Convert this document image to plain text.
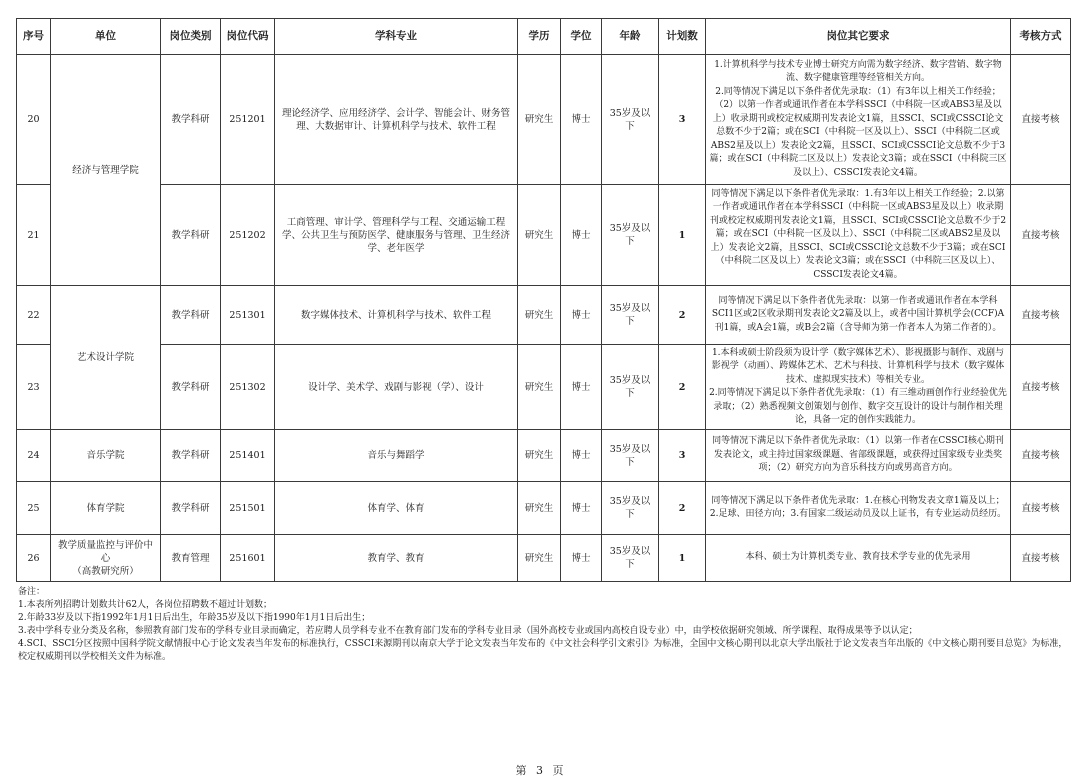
序号	单位	岗位类别	岗位代码	学科专业	学历	学位	年龄	计划数	岗位其它要求	考核方式
20	经济与管理学院	教学科研	251201	理论经济学、应用经济学、会计学、智能会计、财务管理、大数据审计、计算机科学与技术、软件工程	研究生	博士	35岁及以下	3	1.计算机科学与技术专业博士研究方向需为数字经济、数字营销、数字物流、数字健康管理等经管相关方向。
2.同等情况下满足以下条件者优先录取：（1）有3年以上相关工作经验；（2）以第一作者或通讯作者在本学科SSCI（中科院一区或ABS3星及以上）收录期刊或校定权威期刊发表论文1篇，且SSCI、SCI或CSSCI论文总数不少于2篇；或在SCI（中科院一区及以上）、SSCI（中科院二区或ABS2星及以上）发表论文2篇，且SSCI、SCI或CSSCI论文总数不少于3篇；或在SCI（中科院二区及以上）发表论文3篇；或在SSCI（中科院三区及以上）、CSSCI发表论文4篇。	直接考核
21		教学科研	251202	工商管理、审计学、管理科学与工程、交通运输工程学、公共卫生与预防医学、健康服务与管理、卫生经济学、老年医学	研究生	博士	35岁及以下	1	同等情况下满足以下条件者优先录取：1.有3年以上相关工作经验；2.以第一作者或通讯作者在本学科SSCI（中科院一区或ABS3星及以上）收录期刊或校定权威期刊发表论文1篇，且SSCI、SCI或CSSCI论文总数不少于2篇；或在SCI（中科院一区及以上）、SSCI（中科院二区或ABS2星及以上）发表论文2篇，且SSCI、SCI或CSSCI论文总数不少于3篇；或在SCI（中科院二区及以上）发表论文3篇；或在SSCI（中科院三区及以上）、CSSCI发表论文4篇。	直接考核
22	艺术设计学院	教学科研	251301	数字媒体技术、计算机科学与技术、软件工程	研究生	博士	35岁及以下	2	同等情况下满足以下条件者优先录取：以第一作者或通讯作者在本学科SCI1区或2区收录期刊发表论文2篇及以上，或者中国计算机学会(CCF)A刊1篇，或A会1篇，或B会2篇（含导师为第一作者本人为第二作者的）。	直接考核
23		教学科研	251302	设计学、美术学、戏剧与影视（学）、设计	研究生	博士	35岁及以下	2	1.本科或硕士阶段须为设计学（数字媒体艺术）、影视摄影与制作、戏剧与影视学（动画）、跨媒体艺术、艺术与科技、计算机科学与技术（数字媒体技术、虚拟现实技术）等相关专业。
2.同等情况下满足以下条件者优先录取：（1）有三维动画创作行业经验优先录取；（2）熟悉视频文创策划与创作、数字交互设计的设计与制作相关理论，具备一定的创作实践能力。	直接考核
24	音乐学院	教学科研	251401	音乐与舞蹈学	研究生	博士	35岁及以下	3	同等情况下满足以下条件者优先录取：（1）以第一作者在CSSCI核心期刊发表论文，或主持过国家级课题、省部级课题，或获得过国家级专业类奖项；（2）研究方向为音乐科技方向或男高音方向。	直接考核
25	体育学院	教学科研	251501	体育学、体育	研究生	博士	35岁及以下	2	同等情况下满足以下条件者优先录取：1.在核心刊物发表文章1篇及以上；2.足球、田径方向；3.有国家二级运动员及以上证书，有专业运动员经历。	直接考核
26	教学质量监控与评价中心
（高教研究所）	教育管理	251601	教育学、教育	研究生	博士	35岁及以下	1	本科、硕士为计算机类专业、教育技术学专业的优先录用	直接考核
备注：
1.本表所列招聘计划数共计62人，各岗位招聘数不超过计划数；
2.年龄33岁及以下指1992年1月1日后出生，年龄35岁及以下指1990年1月1日后出生；
3.表中学科专业分类及名称，参照教育部门发布的学科专业目录而确定，若应聘人员学科专业不在教育部门发布的学科专业目录（国外高校专业或国内高校自设专业）中，由学校依据研究领域、所学课程、取得成果等予以认定；
4.SCI、SSCI分区按照中国科学院文献情报中心于论文发表当年发布的标准执行，CSSCI来源期刊以南京大学于论文发表当年发布的《中文社会科学引文索引》为标准，全国中文核心期刊以北京大学出版社于论文发表当年出版的《中文核心期刊要目总览》为标准，校定权威期刊以学校相关文件为标准。
第 3 页
